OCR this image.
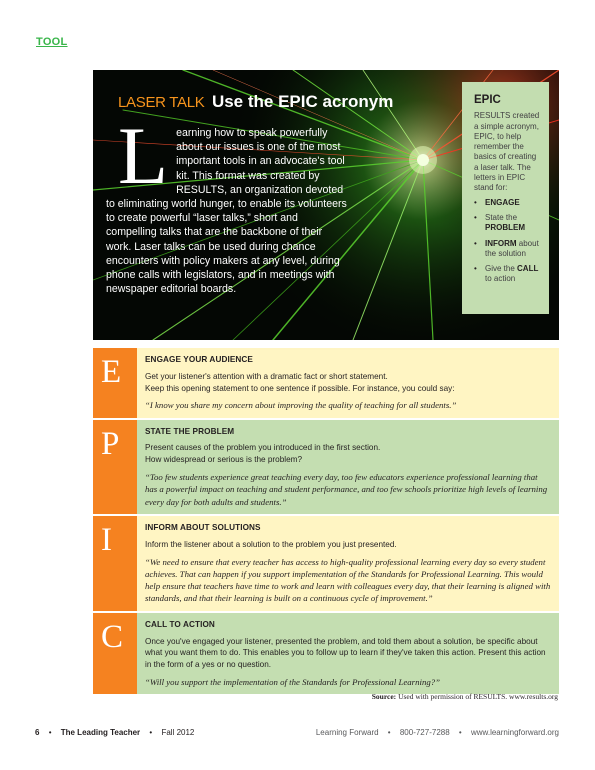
TOOL
LASER TALK Use the EPIC acronym
L earning how to speak powerfully about our issues is one of the most important tools in an advocate's tool kit. This format was created by RESULTS, an organization devoted to eliminating world hunger, to enable its volunteers to create powerful “laser talks,” short and compelling talks that are the backbone of their work. Laser talks can be used during chance encounters with policy makers at any level, during phone calls with legislators, and in meetings with newspaper editorial boards.

EPIC

RESULTS created a simple acronym, EPIC, to help remember the basics of creating a laser talk. The letters in EPIC stand for:

• ENGAGE
• State the PROBLEM
• INFORM about the solution
• Give the CALL to action
E	ENGAGE YOUR AUDIENCE

Get your listener's attention with a dramatic fact or short statement.

Keep this opening statement to one sentence if possible. For instance, you could say:

“I know you share my concern about improving the quality of teaching for all students.”
P	STATE THE PROBLEM

Present causes of the problem you introduced in the first section.

How widespread or serious is the problem?

“Too few students experience great teaching every day, too few educators experience professional learning that has a powerful impact on teaching and student performance, and too few schools prioritize high levels of learning every day for both adults and students.”
I	INFORM ABOUT SOLUTIONS

Inform the listener about a solution to the problem you just presented.

“We need to ensure that every teacher has access to high-quality professional learning every day so every student achieves. That can happen if you support implementation of the Standards for Professional Learning. This would help ensure that teachers have time to work and learn with colleagues every day, that their learning is aligned with standards, and that their learning is built on a continuous cycle of improvement.”
C	CALL TO ACTION

Once you've engaged your listener, presented the problem, and told them about a solution, be specific about what you want them to do. This enables you to follow up to learn if they've taken this action. Present this action in the form of a yes or no question.

“Will you support the implementation of the Standards for Professional Learning?”
Source: Used with permission of RESULTS. www.results.org
6 • The Leading Teacher • Fall 2012	Learning Forward • 800-727-7288 • www.learningforward.org
